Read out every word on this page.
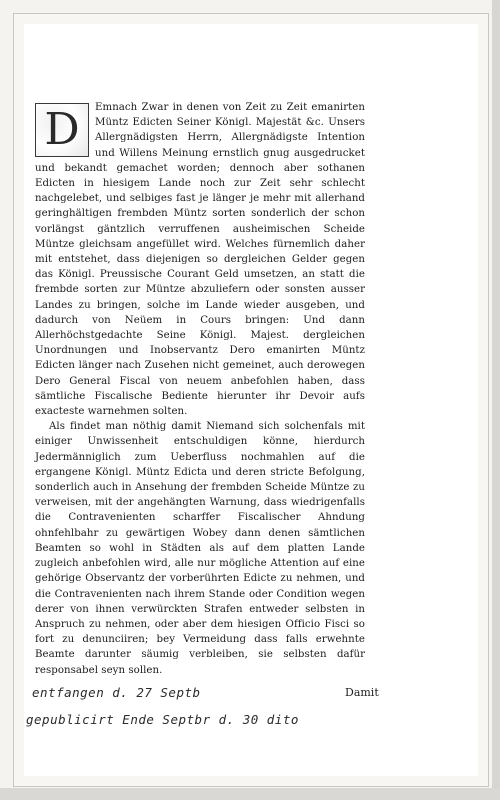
D	Emnach Zwar in denen von Zeit zu Zeit emanirten Müntz Edicten Seiner Königl. Majestät &c. Unsers Allergnädigsten Herrn, Allergnädigste Intention und Willens Meinung ernstlich gnug ausgedrucket und bekandt gemachet worden; dennoch aber sothanen Edicten in hiesigem Lande noch zur Zeit sehr schlecht nachgelebet, und selbiges fast je länger je mehr mit allerhand geringhältigen frembden Müntz sorten sonderlich der schon vorlängst gäntzlich verruffenen ausheimischen Scheide Müntze gleichsam angefüllet wird. Welches fürnemlich daher mit entstehet, dass diejenigen so dergleichen Gelder gegen das Königl. Preussische Courant Geld umsetzen, an statt die frembde sorten zur Müntze abzuliefern oder sonsten ausser Landes zu bringen, solche im Lande wieder ausgeben, und dadurch von Neüem in Cours bringen: Und dann Allerhöchstgedachte Seine Königl. Majest. dergleichen Unordnungen und Inobservantz Dero emanirten Müntz Edicten länger nach Zusehen nicht gemeinet, auch derowegen Dero General Fiscal von neuem anbefohlen haben, dass sämtliche Fiscalische Bediente hierunter ihr Devoir aufs exacteste warnehmen solten.

Als findet man nöthig damit Niemand sich solchenfals mit einiger Unwissenheit entschuldigen könne, hierdurch Jedermänniglich zum Ueberfluss nochmahlen auf die ergangene Königl. Müntz Edicta und deren stricte Befolgung, sonderlich auch in Ansehung der frembden Scheide Müntze zu verweisen, mit der angehängten Warnung, dass wiedrigenfalls die Contravenienten scharffer Fiscalischer Ahndung ohnfehlbahr zu gewärtigen Wobey dann denen sämtlichen Beamten so wohl in Städten als auf dem platten Lande zugleich anbefohlen wird, alle nur mögliche Attention auf eine gehörige Observantz der vorberührten Edicte zu nehmen, und die Contravenienten nach ihrem Stande oder Condition wegen derer von ihnen verwürckten Strafen entweder selbsten in Anspruch zu nehmen, oder aber dem hiesigen Officio Fisci so fort zu denunciiren; bey Vermeidung dass falls erwehnte Beamte darunter säumig verbleiben, sie selbsten dafür responsabel seyn sollen.

Damit
entfangen d. 27 Septb
gepublicirt Ende Septbr d. 30 dito
